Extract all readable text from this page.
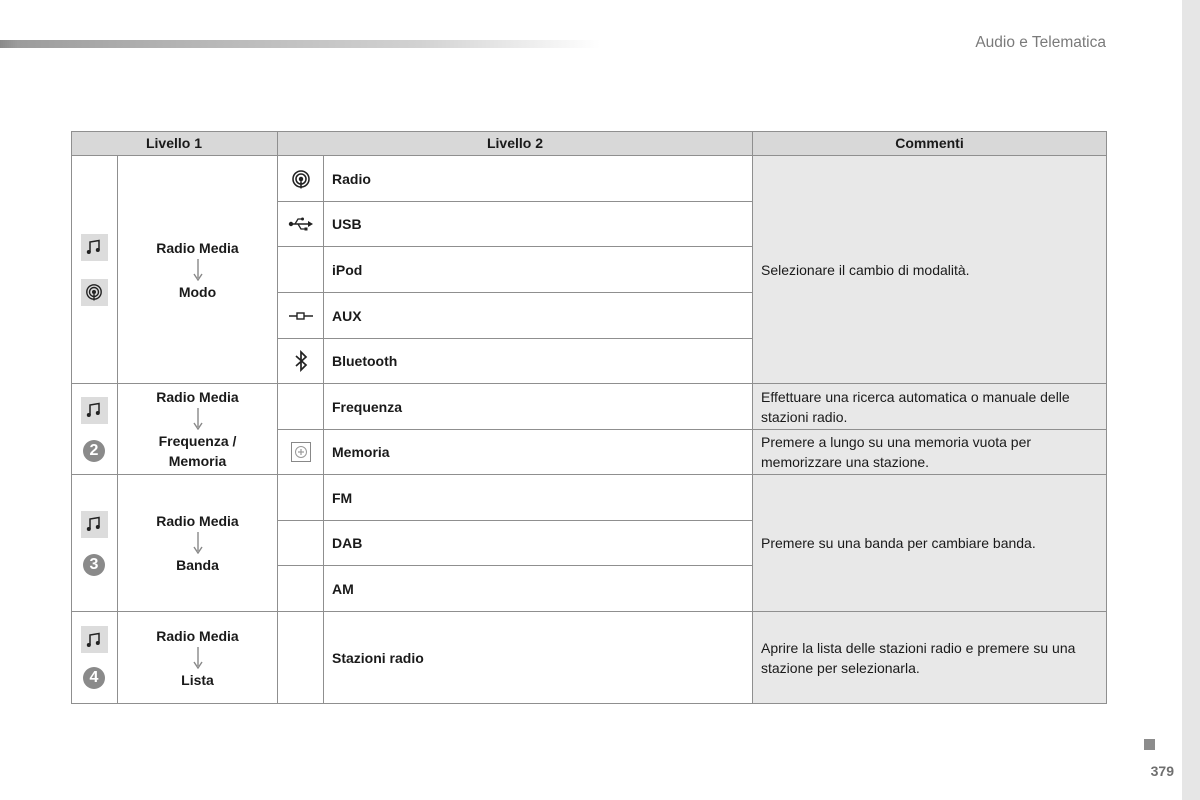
Audio e Telematica
Livello 1	Livello 2	Commenti
Radio Media
Modo
Radio
USB
iPod
AUX
Bluetooth
Selezionare il cambio di modalità.
2
Radio Media
Frequenza /
Memoria
Frequenza
Effettuare una ricerca automatica o manuale delle stazioni radio.
Memoria
Premere a lungo su una memoria vuota per memorizzare una stazione.
3
Radio Media
Banda
FM
DAB
AM
Premere su una banda per cambiare banda.
4
Radio Media
Lista
Stazioni radio
Aprire la lista delle stazioni radio e premere su una stazione per selezionarla.
379
